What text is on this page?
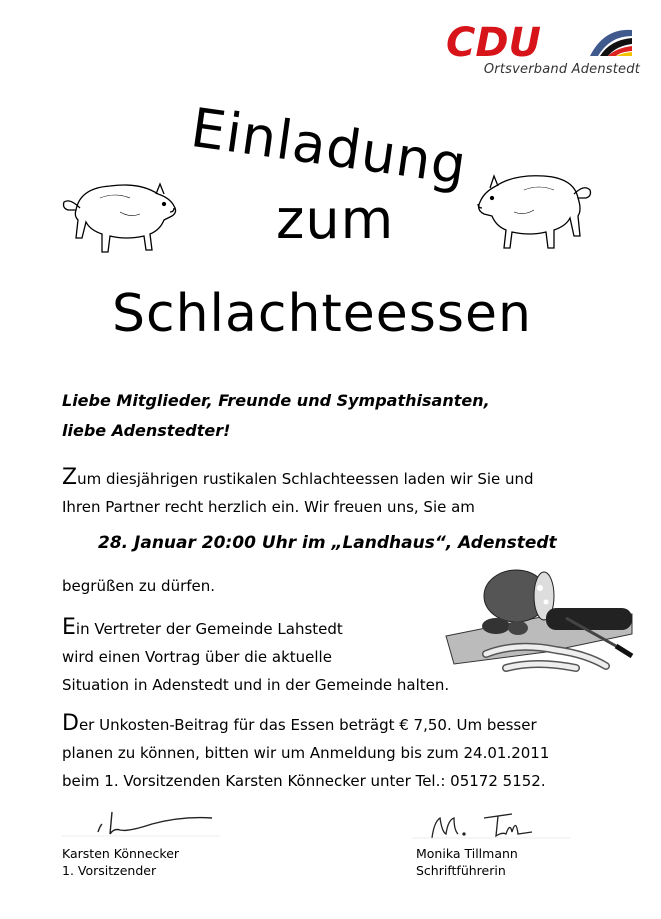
CDU
Ortsverband Adenstedt
Einladung
zum
Schlachteessen
Liebe Mitglieder, Freunde und Sympathisanten,
liebe Adenstedter!
Zum diesjährigen rustikalen Schlachteessen laden wir Sie und
Ihren Partner recht herzlich ein. Wir freuen uns, Sie am
28. Januar 20:00 Uhr im „Landhaus“, Adenstedt
begrüßen zu dürfen.
Ein Vertreter der Gemeinde Lahstedt
wird einen Vortrag über die aktuelle
Situation in Adenstedt und in der Gemeinde halten.
Der Unkosten-Beitrag für das Essen beträgt € 7,50. Um besser
planen zu können, bitten wir um Anmeldung bis zum 24.01.2011
beim 1. Vorsitzenden Karsten Könnecker unter Tel.: 05172 5152.
Karsten Könnecker
1. Vorsitzender
Monika Tillmann
Schriftführerin
